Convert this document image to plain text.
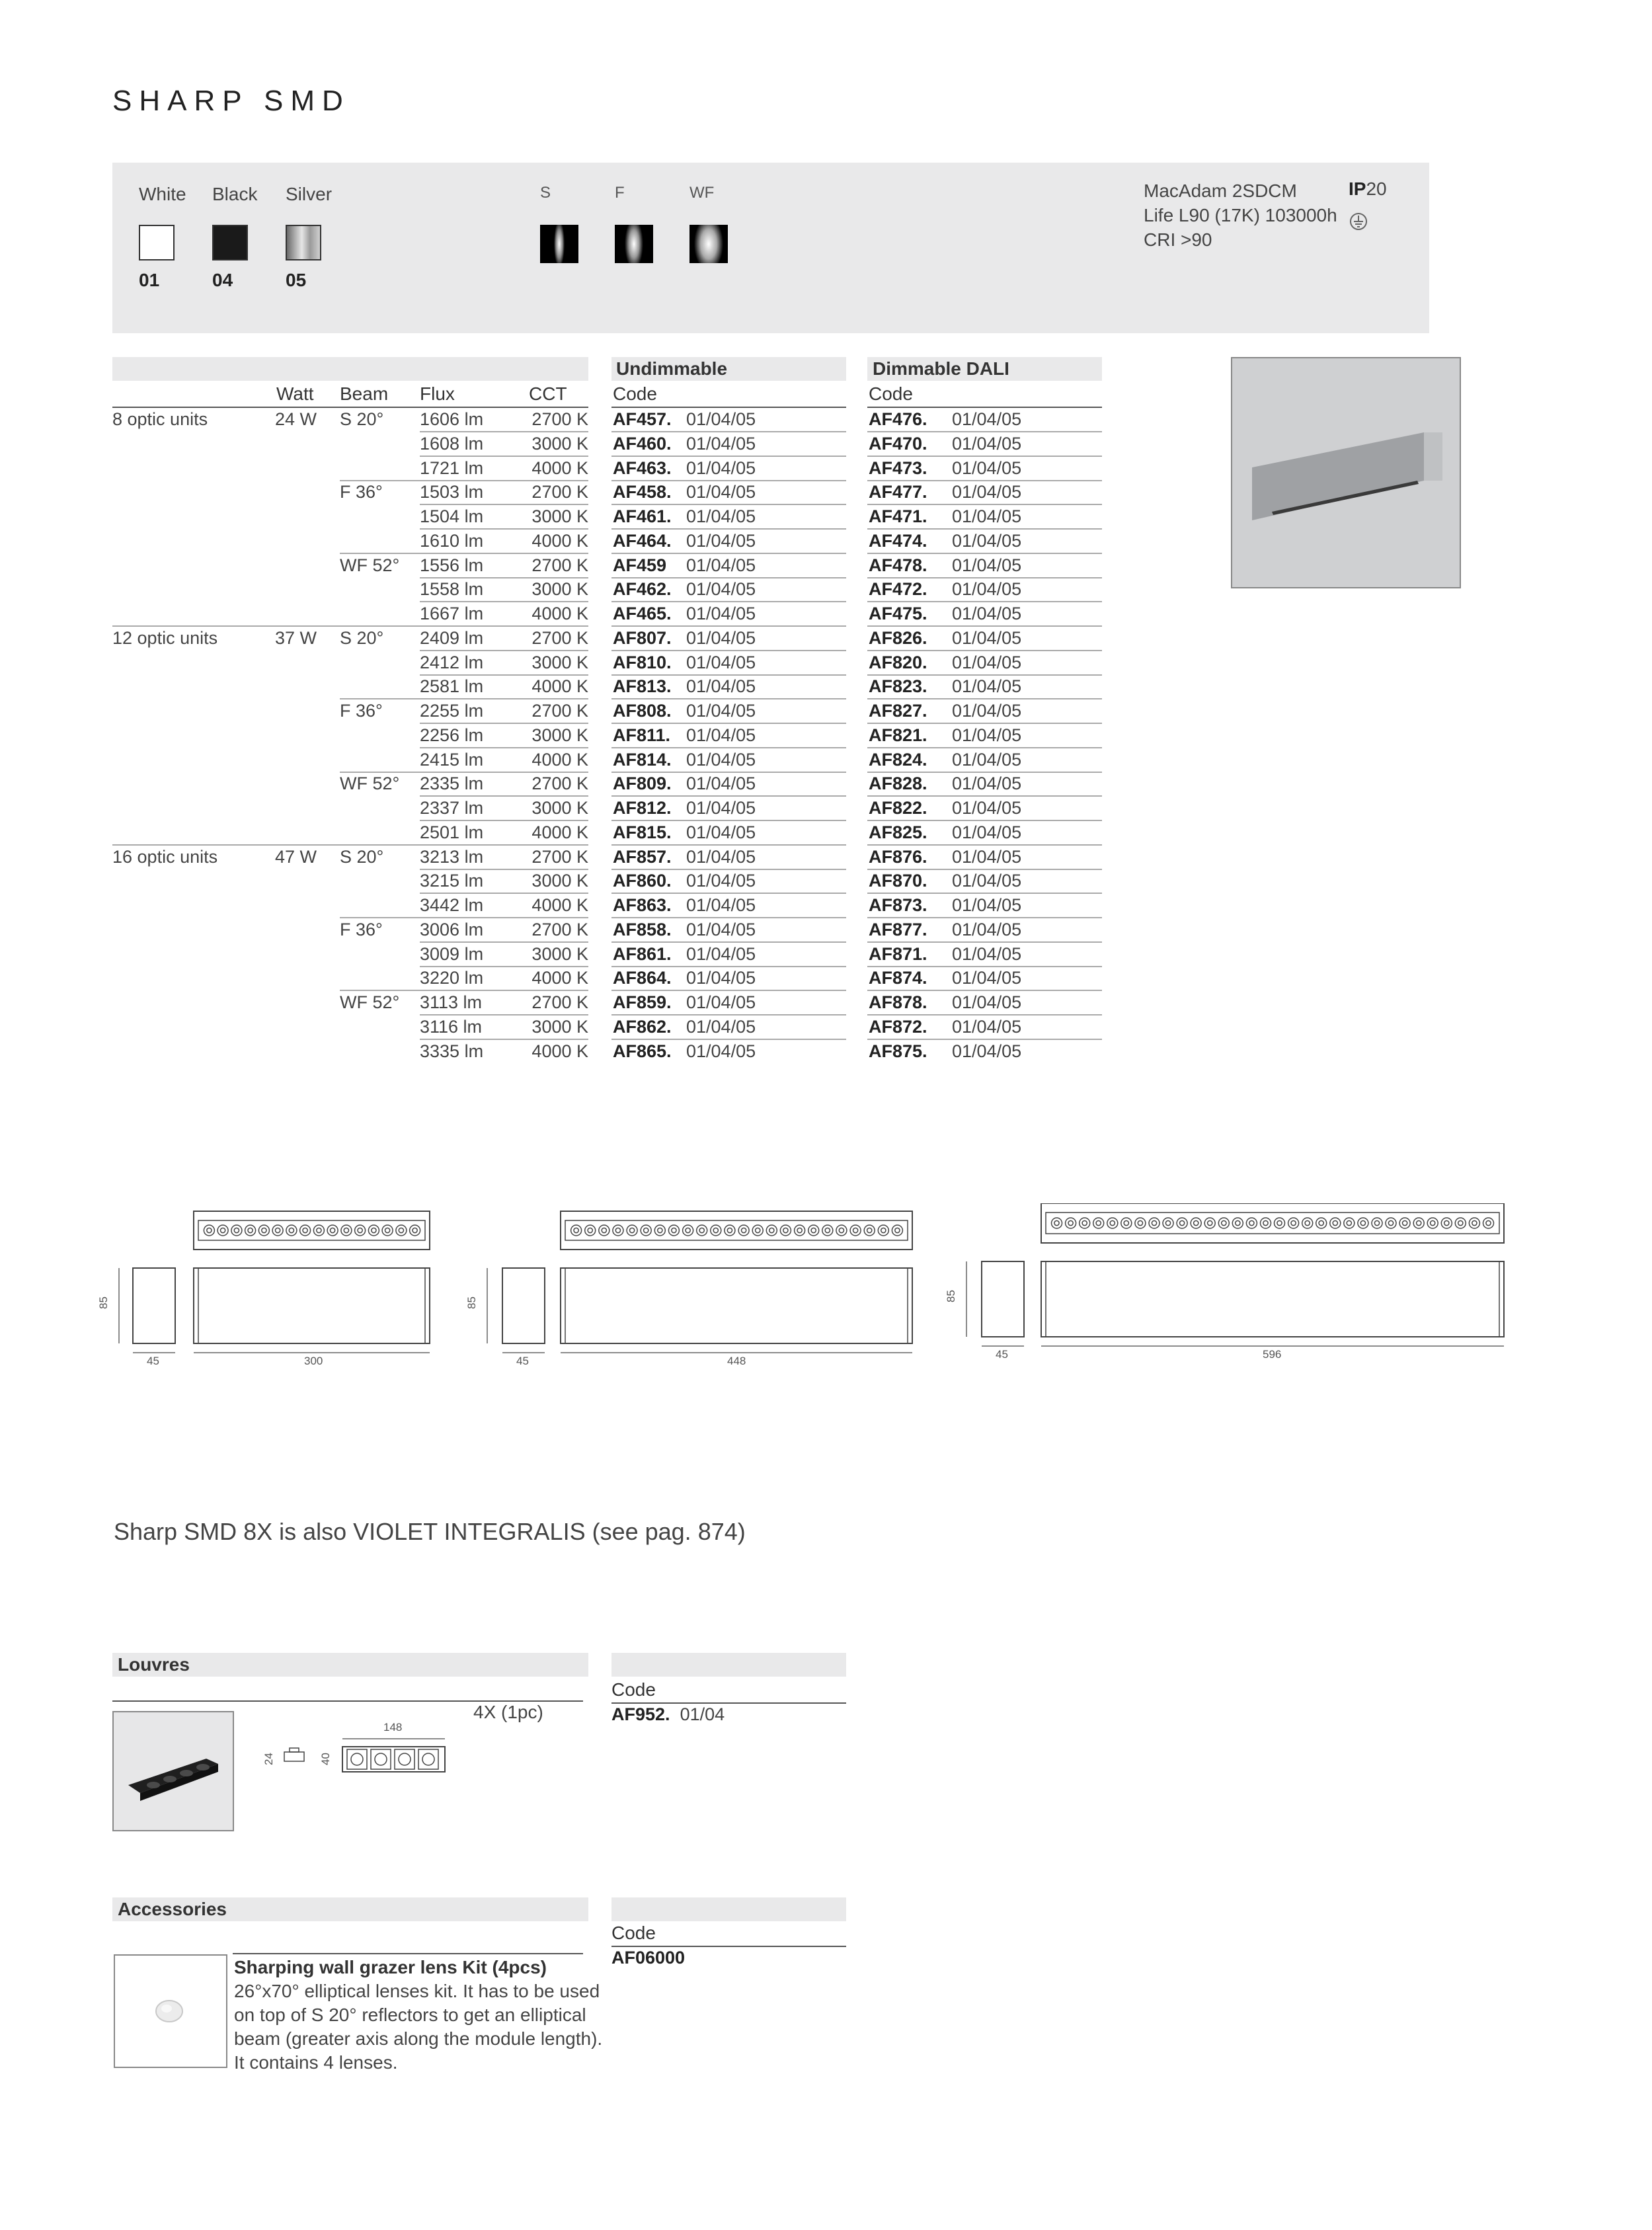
SHARP SMD
White Black Silver
01	04	05
S	F	WF	MacAdam 2SDCM
Life L90 (17K) 103000h
CRI >90
IP20
Undimmable	Dimmable DALI
Watt Beam Flux	CCT Code	Code
8 optic units	24 W S 20° 1606 lm	2700 K AF457. 01/04/05	AF476. 01/04/05
1608 lm	3000 K AF460. 01/04/05	AF470. 01/04/05
1721 lm	4000 K AF463. 01/04/05	AF473. 01/04/05
F 36° 1503 lm	2700 K AF458. 01/04/05	AF477. 01/04/05
1504 lm	3000 K AF461. 01/04/05	AF471. 01/04/05
1610 lm	4000 K AF464. 01/04/05	AF474. 01/04/05
WF 52° 1556 lm	2700 K AF459 01/04/05	AF478. 01/04/05
1558 lm	3000 K AF462. 01/04/05	AF472. 01/04/05
1667 lm	4000 K AF465. 01/04/05	AF475. 01/04/05
12 optic units	37 W S 20° 2409 lm	2700 K AF807. 01/04/05	AF826. 01/04/05
2412 lm	3000 K AF810. 01/04/05	AF820. 01/04/05
2581 lm	4000 K AF813. 01/04/05	AF823. 01/04/05
F 36° 2255 lm	2700 K AF808. 01/04/05	AF827. 01/04/05
2256 lm	3000 K AF811. 01/04/05	AF821. 01/04/05
2415 lm	4000 K AF814. 01/04/05	AF824. 01/04/05
WF 52° 2335 lm	2700 K AF809. 01/04/05	AF828. 01/04/05
2337 lm	3000 K AF812. 01/04/05	AF822. 01/04/05
2501 lm	4000 K AF815. 01/04/05	AF825. 01/04/05
16 optic units	47 W S 20° 3213 lm	2700 K AF857. 01/04/05	AF876. 01/04/05
3215 lm	3000 K AF860. 01/04/05	AF870. 01/04/05
3442 lm	4000 K AF863. 01/04/05	AF873. 01/04/05
F 36° 3006 lm	2700 K AF858. 01/04/05	AF877. 01/04/05
3009 lm	3000 K AF861. 01/04/05	AF871. 01/04/05
3220 lm	4000 K AF864. 01/04/05	AF874. 01/04/05
WF 52° 3113 lm	2700 K AF859. 01/04/05	AF878. 01/04/05
3116 lm	3000 K AF862. 01/04/05	AF872. 01/04/05
3335 lm	4000 K AF865. 01/04/05	AF875. 01/04/05
45	300
85
45	448
85
45	596
85
Sharp SMD 8X is also VIOLET INTEGRALIS (see pag. 874)
Louvres
Code
AF952. 01/04
148
24	40
4X (1pc)
Accessories
Code
AF06000
Sharping wall grazer lens Kit (4pcs)
26°x70° elliptical lenses kit. It has to be used
on top of S 20° reflectors to get an elliptical
beam (greater axis along the module length).
It contains 4 lenses.
